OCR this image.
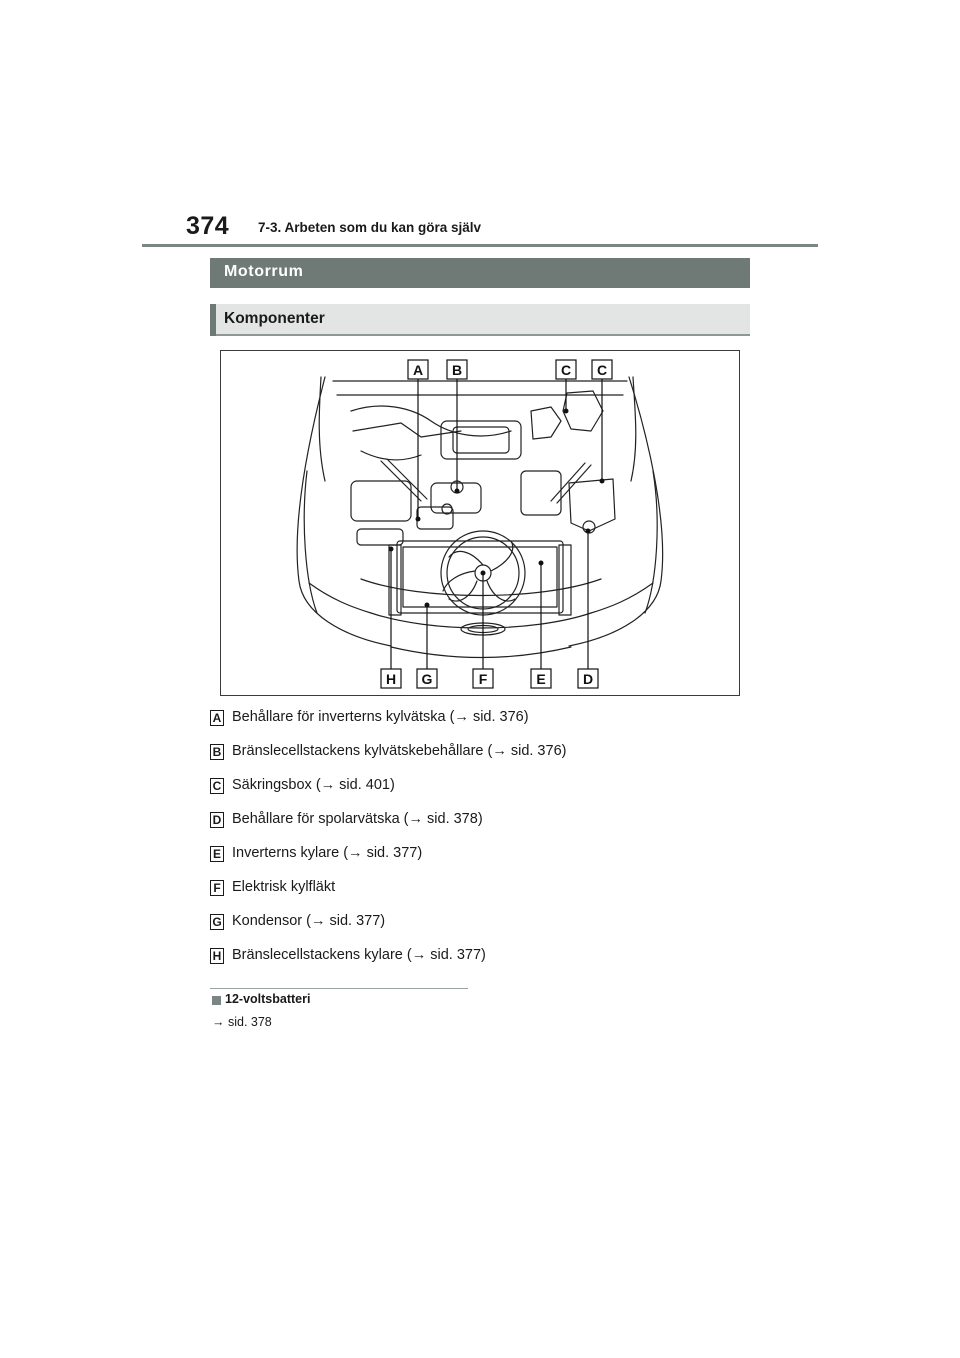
374 7-3. Arbeten som du kan göra själv
Motorrum
Komponenter
A B	C C
H G	F	E	D
A Behållare för inverterns kylvätska (→ sid. 376)
B Bränslecellstackens kylvätskebehållare (→ sid. 376)
C Säkringsbox (→ sid. 401)
D Behållare för spolarvätska (→ sid. 378)
E Inverterns kylare (→ sid. 377)
F Elektrisk kylfläkt
G Kondensor (→ sid. 377)
H Bränslecellstackens kylare (→ sid. 377)
12-voltsbatteri
→ sid. 378
